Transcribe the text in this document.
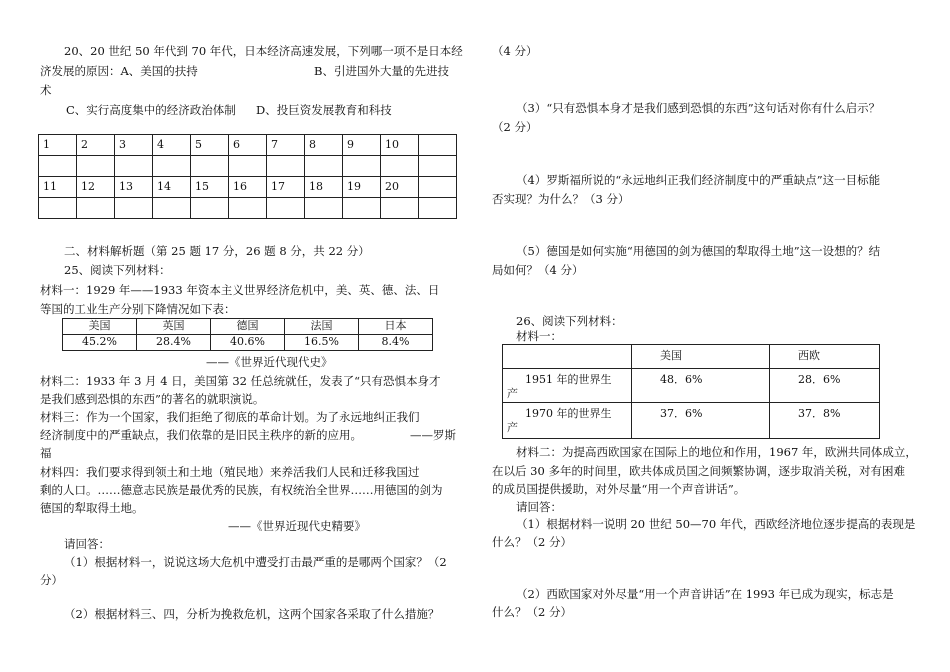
20、20 世纪 50 年代到 70 年代，日本经济高速发展，下列哪一项不是日本经
济发展的原因：A、美国的扶持	B、引进国外大量的先进技
术
C、实行高度集中的经济政治体制 D、投巨资发展教育和科技
1	2	3	4	5	6	7	8	9	10	

11	12	13	14	15	16	17	18	19	20	

二、材料解析题（第 25 题 17 分，26 题 8 分，共 22 分）
25、阅读下列材料：
材料一：1929 年——1933 年资本主义世界经济危机中，美、英、德、法、日
等国的工业生产分别下降情况如下表：
美国	英国	德国	法国	日本
45.2%	28.4%	40.6%	16.5%	8.4%
——《世界近代现代史》
材料二：1933 年 3 月 4 日，美国第 32 任总统就任，发表了“只有恐惧本身才
是我们感到恐惧的东西”的著名的就职演说。
材料三：作为一个国家，我们拒绝了彻底的革命计划。为了永远地纠正我们
经济制度中的严重缺点，我们依靠的是旧民主秩序的新的应用。	——罗斯
福
材料四：我们要求得到领土和土地（殖民地）来养活我们人民和迁移我国过
剩的人口。……德意志民族是最优秀的民族，有权统治全世界……用德国的剑为
德国的犁取得土地。
——《世界近现代史精要》
请回答：
（1）根据材料一，说说这场大危机中遭受打击最严重的是哪两个国家？（2
分）
（2）根据材料三、四，分析为挽救危机，这两个国家各采取了什么措施？
（4 分）
（3）“只有恐惧本身才是我们感到恐惧的东西”这句话对你有什么启示？
（2 分）
（4）罗斯福所说的“永远地纠正我们经济制度中的严重缺点”这一目标能
否实现？为什么？（3 分）
（5）德国是如何实施“用德国的剑为德国的犁取得土地”这一设想的？结
局如何？（4 分）
26、阅读下列材料：
材料一：
	美国	西欧

1951 年的世界生
产	48．6%	28．6%

1970 年的世界生
产	37．6%	37．8%
材料二：为提高西欧国家在国际上的地位和作用，1967 年，欧洲共同体成立，
在以后 30 多年的时间里，欧共体成员国之间频繁协调，逐步取消关税，对有困难
的成员国提供援助，对外尽量“用一个声音讲话”。
请回答：
（1）根据材料一说明 20 世纪 50—70 年代，西欧经济地位逐步提高的表现是
什么？（2 分）
（2）西欧国家对外尽量“用一个声音讲话”在 1993 年已成为现实，标志是
什么？（2 分）
